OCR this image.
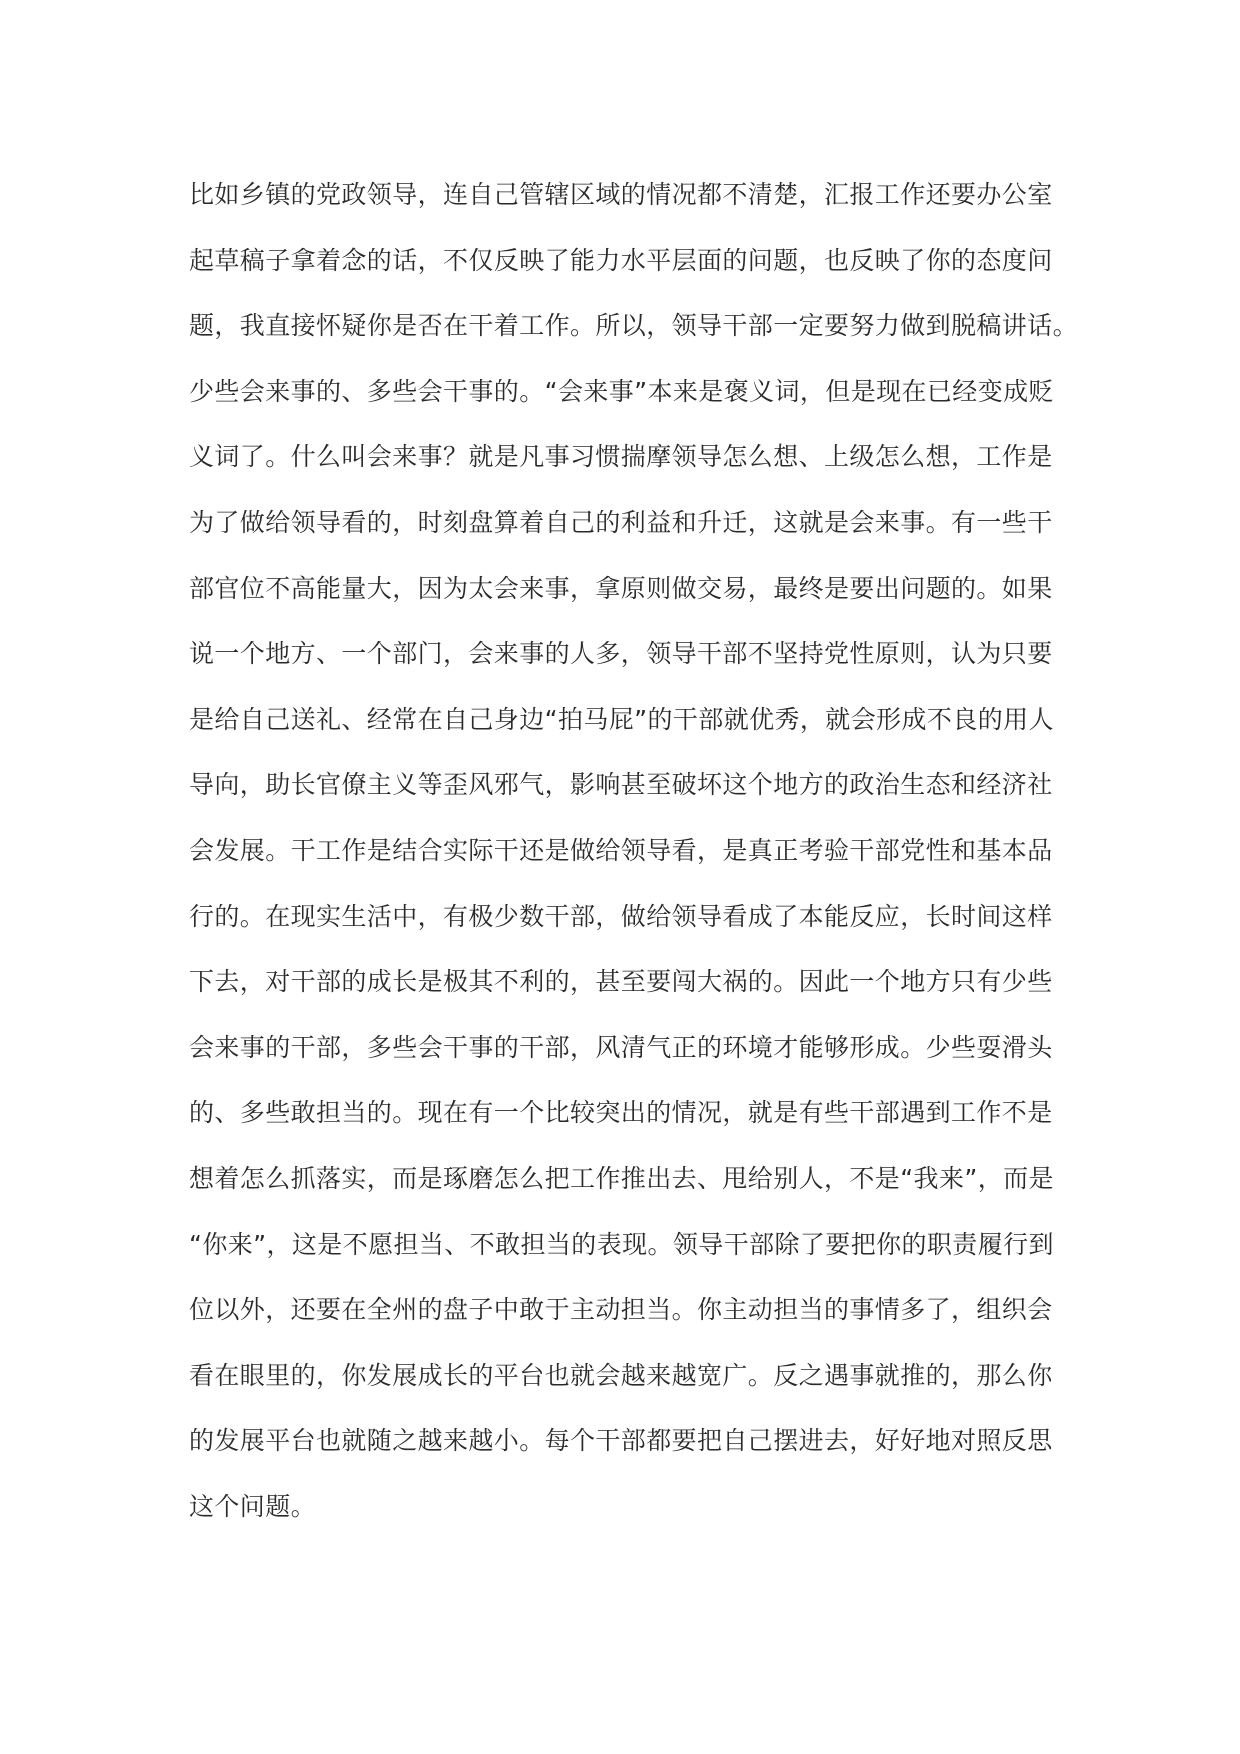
比如乡镇的党政领导，连自己管辖区域的情况都不清楚，汇报工作还要办公室
起草稿子拿着念的话，不仅反映了能力水平层面的问题，也反映了你的态度问
题，我直接怀疑你是否在干着工作。所以，领导干部一定要努力做到脱稿讲话。
少些会来事的、多些会干事的。“会来事”本来是褒义词，但是现在已经变成贬
义词了。什么叫会来事？就是凡事习惯揣摩领导怎么想、上级怎么想，工作是
为了做给领导看的，时刻盘算着自己的利益和升迁，这就是会来事。有一些干
部官位不高能量大，因为太会来事，拿原则做交易，最终是要出问题的。如果
说一个地方、一个部门，会来事的人多，领导干部不坚持党性原则，认为只要
是给自己送礼、经常在自己身边“拍马屁”的干部就优秀，就会形成不良的用人
导向，助长官僚主义等歪风邪气，影响甚至破坏这个地方的政治生态和经济社
会发展。干工作是结合实际干还是做给领导看，是真正考验干部党性和基本品
行的。在现实生活中，有极少数干部，做给领导看成了本能反应，长时间这样
下去，对干部的成长是极其不利的，甚至要闯大祸的。因此一个地方只有少些
会来事的干部，多些会干事的干部，风清气正的环境才能够形成。少些耍滑头
的、多些敢担当的。现在有一个比较突出的情况，就是有些干部遇到工作不是
想着怎么抓落实，而是琢磨怎么把工作推出去、甩给别人，不是“我来”，而是
“你来”，这是不愿担当、不敢担当的表现。领导干部除了要把你的职责履行到
位以外，还要在全州的盘子中敢于主动担当。你主动担当的事情多了，组织会
看在眼里的，你发展成长的平台也就会越来越宽广。反之遇事就推的，那么你
的发展平台也就随之越来越小。每个干部都要把自己摆进去，好好地对照反思
这个问题。
